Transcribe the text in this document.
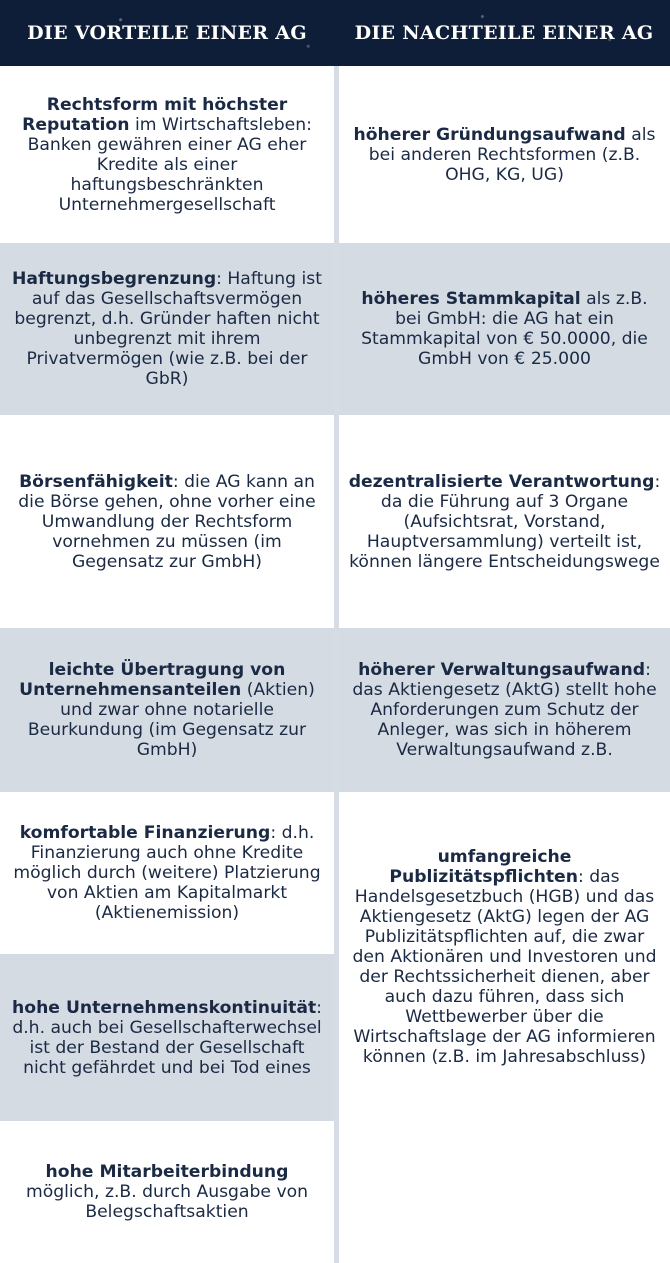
DIE VORTEILE EINER AG	DIE NACHTEILE EINER AG
Rechtsform mit höchster Reputation im Wirtschaftsleben: Banken gewähren einer AG eher Kredite als einer haftungsbeschränkten Unternehmergesellschaft
Haftungsbegrenzung: Haftung ist auf das Gesellschaftsvermögen begrenzt, d.h. Gründer haften nicht unbegrenzt mit ihrem Privatvermögen (wie z.B. bei der GbR)
Börsenfähigkeit: die AG kann an die Börse gehen, ohne vorher eine Umwandlung der Rechtsform vornehmen zu müssen (im Gegensatz zur GmbH)
leichte Übertragung von Unternehmensanteilen (Aktien) und zwar ohne notarielle Beurkundung (im Gegensatz zur GmbH)
komfortable Finanzierung: d.h. Finanzierung auch ohne Kredite möglich durch (weitere) Platzierung von Aktien am Kapitalmarkt (Aktienemission)
hohe Unternehmenskontinuität: d.h. auch bei Gesellschafterwechsel ist der Bestand der Gesellschaft nicht gefährdet und bei Tod eines
hohe Mitarbeiterbindung möglich, z.B. durch Ausgabe von Belegschaftsaktien
höherer Gründungsaufwand als bei anderen Rechtsformen (z.B. OHG, KG, UG)
höheres Stammkapital als z.B. bei GmbH: die AG hat ein Stammkapital von € 50.0000, die GmbH von € 25.000
dezentralisierte Verantwortung: da die Führung auf 3 Organe (Aufsichtsrat, Vorstand, Hauptversammlung) verteilt ist, können längere Entscheidungswege
höherer Verwaltungsaufwand: das Aktiengesetz (AktG) stellt hohe Anforderungen zum Schutz der Anleger, was sich in höherem Verwaltungsaufwand z.B.
umfangreiche Publizitätspflichten: das Handelsgesetzbuch (HGB) und das Aktiengesetz (AktG) legen der AG Publizitätspflichten auf, die zwar den Aktionären und Investoren und der Rechtssicherheit dienen, aber auch dazu führen, dass sich Wettbewerber über die Wirtschaftslage der AG informieren können (z.B. im Jahresabschluss)
